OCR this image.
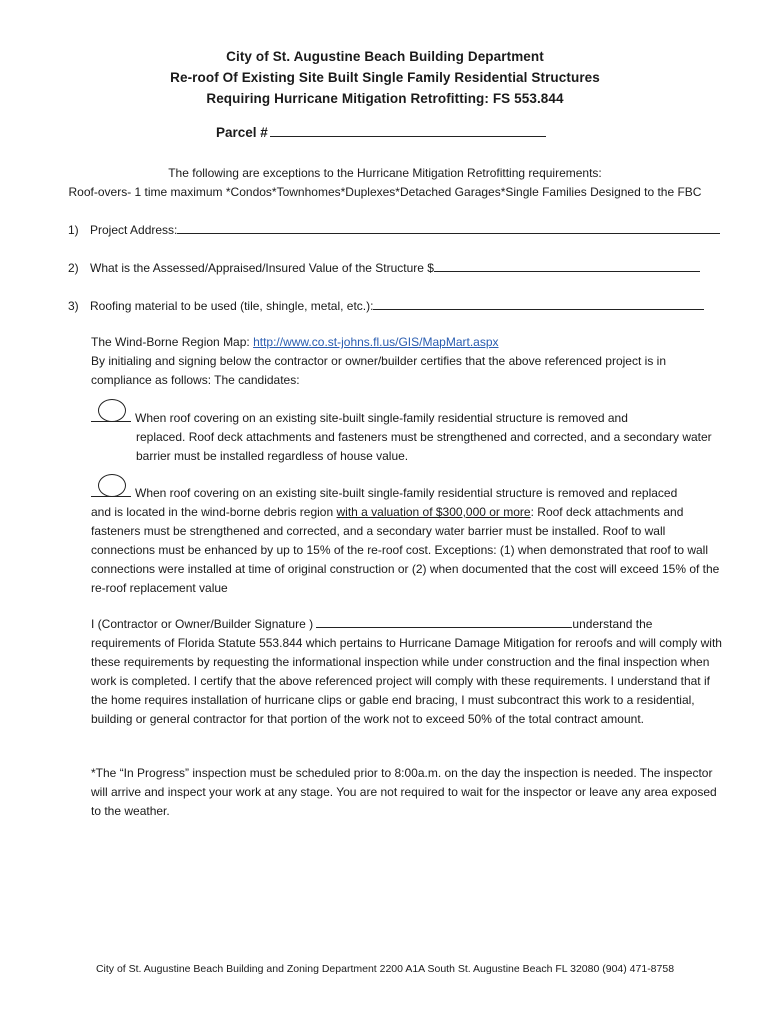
City of St. Augustine Beach Building Department
Re-roof Of Existing Site Built Single Family Residential Structures
Requiring Hurricane Mitigation Retrofitting: FS 553.844
Parcel #
The following are exceptions to the Hurricane Mitigation Retrofitting requirements:
Roof-overs- 1 time maximum *Condos*Townhomes*Duplexes*Detached Garages*Single Families Designed to the FBC
1) Project Address:
2) What is the Assessed/Appraised/Insured Value of the Structure $
3) Roofing material to be used (tile, shingle, metal, etc.):
The Wind-Borne Region Map: http://www.co.st-johns.fl.us/GIS/MapMart.aspx
By initialing and signing below the contractor or owner/builder certifies that the above referenced project is in compliance as follows: The candidates:
When roof covering on an existing site-built single-family residential structure is removed and
replaced. Roof deck attachments and fasteners must be strengthened and corrected, and a secondary water barrier must be installed regardless of house value.
When roof covering on an existing site-built single-family residential structure is removed and replaced
and is located in the wind-borne debris region with a valuation of $300,000 or more: Roof deck attachments and fasteners must be strengthened and corrected, and a secondary water barrier must be installed. Roof to wall connections must be enhanced by up to 15% of the re-roof cost. Exceptions: (1) when demonstrated that roof to wall connections were installed at time of original construction or (2) when documented that the cost will exceed 15% of the re-roof replacement value
I (Contractor or Owner/Builder Signature )	understand the requirements of Florida Statute 553.844 which pertains to Hurricane Damage Mitigation for reroofs and will comply with these requirements by requesting the informational inspection while under construction and the final inspection when work is completed. I certify that the above referenced project will comply with these requirements. I understand that if the home requires installation of hurricane clips or gable end bracing, I must subcontract this work to a residential, building or general contractor for that portion of the work not to exceed 50% of the total contract amount.
*The “In Progress” inspection must be scheduled prior to 8:00a.m. on the day the inspection is needed. The inspector will arrive and inspect your work at any stage. You are not required to wait for the inspector or leave any area exposed to the weather.
City of St. Augustine Beach Building and Zoning Department 2200 A1A South St. Augustine Beach FL 32080 (904) 471-8758
